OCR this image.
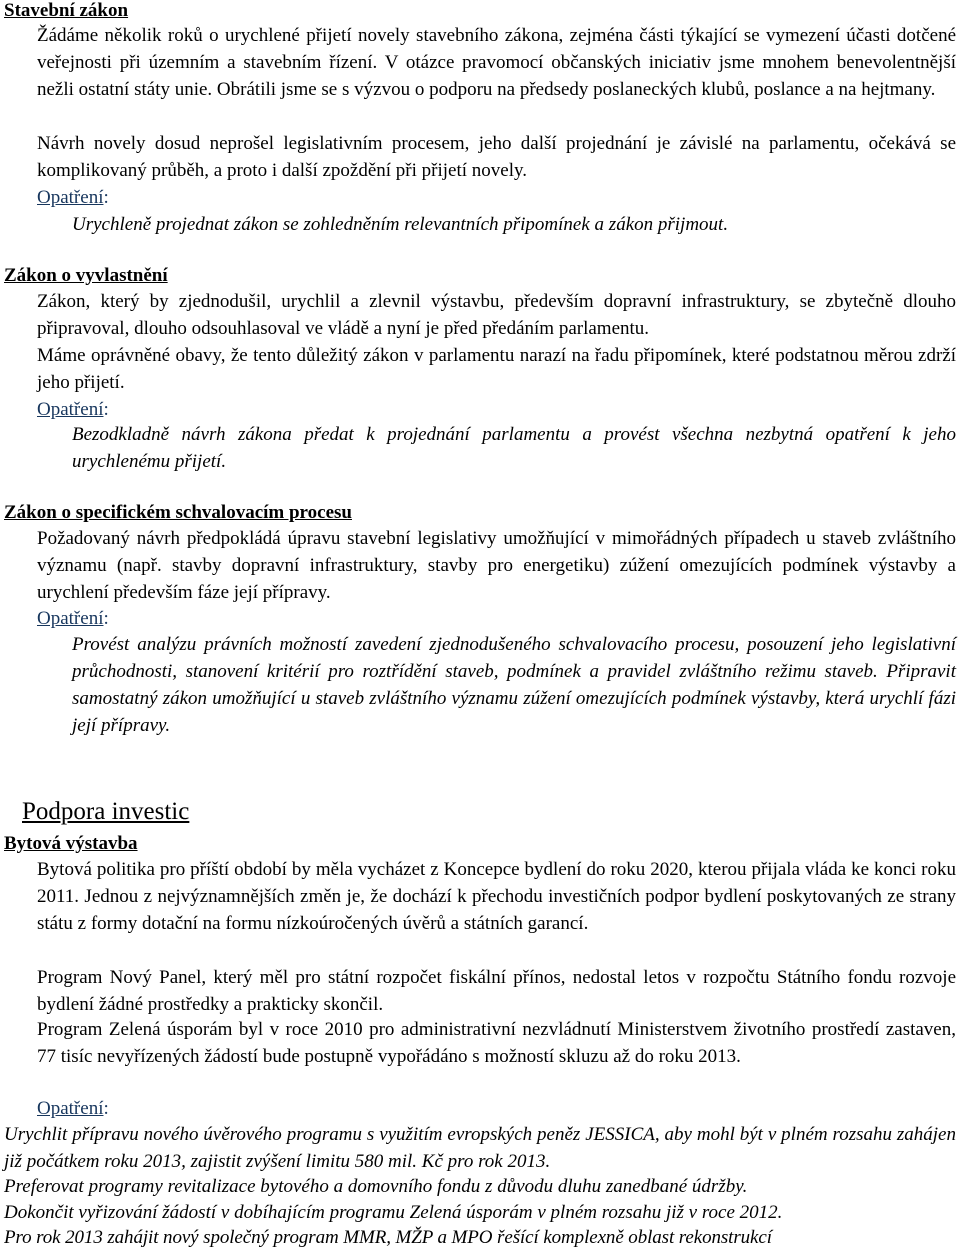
Stavební zákon
Žádáme několik roků o urychlené přijetí novely stavebního zákona, zejména části týkající se vymezení účasti dotčené veřejnosti při územním a stavebním řízení. V otázce pravomocí občanských iniciativ jsme mnohem benevolentnější nežli ostatní státy unie. Obrátili jsme se s výzvou o podporu na předsedy poslaneckých klubů, poslance a na hejtmany.
Návrh novely dosud neprošel legislativním procesem, jeho další projednání je závislé na parlamentu, očekává se komplikovaný průběh, a proto i další zpoždění při přijetí novely.
Opatření:
Urychleně projednat zákon se zohledněním relevantních připomínek a zákon přijmout.
Zákon o vyvlastnění
Zákon, který by zjednodušil, urychlil a zlevnil výstavbu, především dopravní infrastruktury, se zbytečně dlouho připravoval, dlouho odsouhlasoval ve vládě a nyní je před předáním parlamentu.
Máme oprávněné obavy, že tento důležitý zákon v parlamentu narazí na řadu připomínek, které podstatnou měrou zdrží jeho přijetí.
Opatření:
Bezodkladně návrh zákona předat k projednání parlamentu a provést všechna nezbytná opatření k jeho urychlenému přijetí.
Zákon o specifickém schvalovacím procesu
Požadovaný návrh předpokládá úpravu stavební legislativy umožňující v mimořádných případech u staveb zvláštního významu (např. stavby dopravní infrastruktury, stavby pro energetiku) zúžení omezujících podmínek výstavby a urychlení především fáze její přípravy.
Opatření:
Provést analýzu právních možností zavedení zjednodušeného schvalovacího procesu, posouzení jeho legislativní průchodnosti, stanovení kritérií pro roztřídění staveb, podmínek a pravidel zvláštního režimu staveb. Připravit samostatný zákon umožňující u staveb zvláštního významu zúžení omezujících podmínek výstavby, která urychlí fázi její přípravy.
Podpora investic
Bytová výstavba
Bytová politika pro příští období by měla vycházet z Koncepce bydlení do roku 2020, kterou přijala vláda ke konci roku 2011. Jednou z nejvýznamnějších změn je, že dochází k přechodu investičních podpor bydlení poskytovaných ze strany státu z formy dotační na formu nízkoúročených úvěrů a státních garancí.
Program Nový Panel, který měl pro státní rozpočet fiskální přínos, nedostal letos v rozpočtu Státního fondu rozvoje bydlení žádné prostředky a prakticky skončil.
Program Zelená úsporám byl v roce 2010 pro administrativní nezvládnutí Ministerstvem životního prostředí zastaven, 77 tisíc nevyřízených žádostí bude postupně vypořádáno s možností skluzu až do roku 2013.
Opatření:
Urychlit přípravu nového úvěrového programu s využitím evropských peněz JESSICA, aby mohl být v plném rozsahu zahájen již počátkem roku 2013, zajistit zvýšení limitu 580 mil. Kč pro rok 2013.
Preferovat programy revitalizace bytového a domovního fondu z důvodu dluhu zanedbané údržby.
Dokončit vyřizování žádostí v dobíhajícím programu Zelená úsporám v plném rozsahu již v roce 2012.
Pro rok 2013 zahájit nový společný program MMR, MŽP a MPO řešící komplexně oblast rekonstrukcí
